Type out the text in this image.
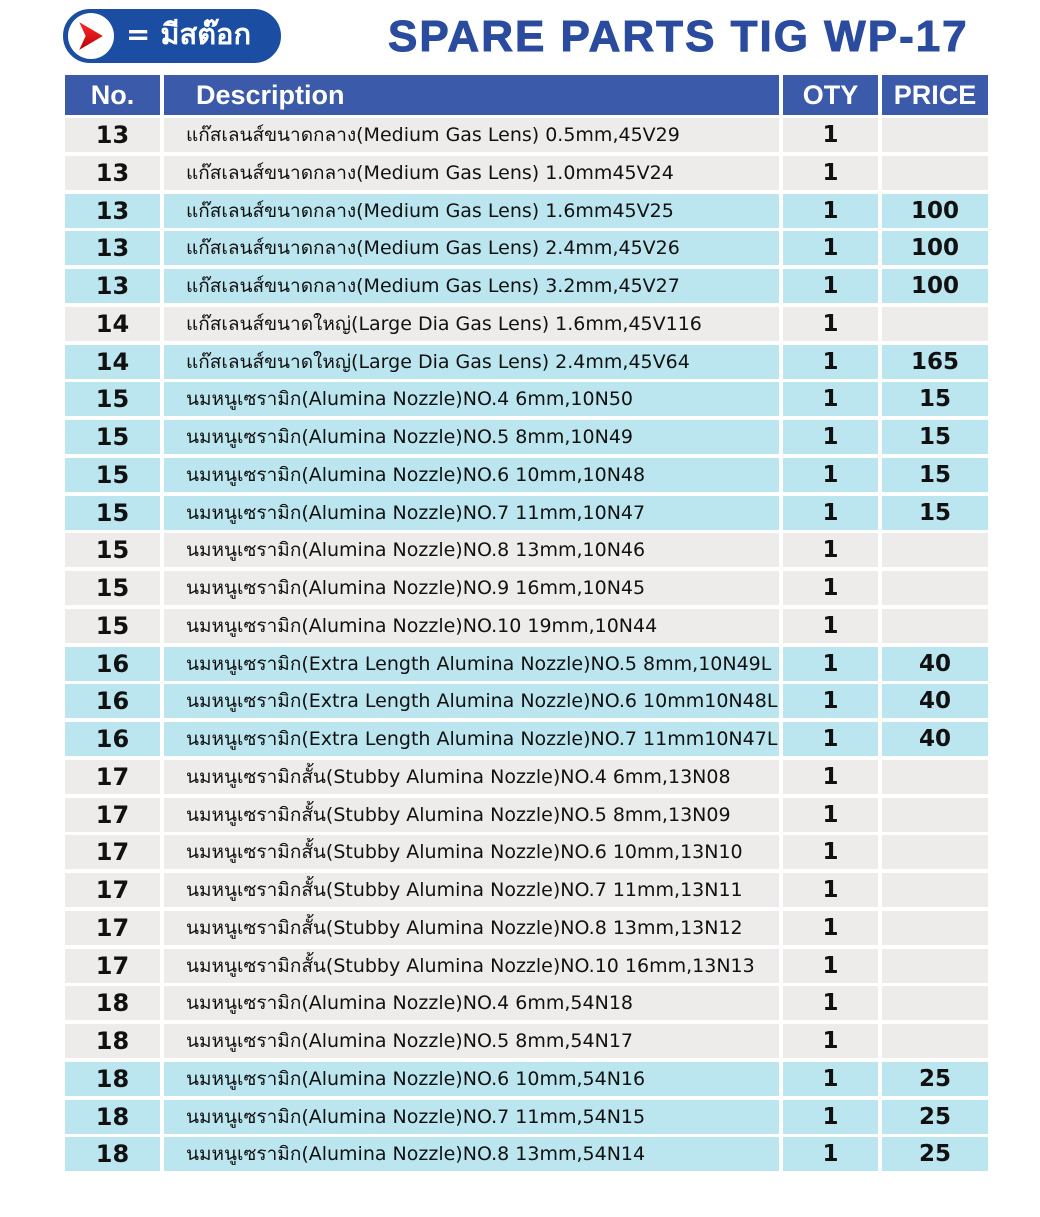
= มีสต๊อก	SPARE PARTS TIG WP-17
No.	Description	OTY	PRICE
13	แก๊สเลนส์ขนาดกลาง(Medium Gas Lens) 0.5mm,45V29	1
13	แก๊สเลนส์ขนาดกลาง(Medium Gas Lens) 1.0mm45V24	1
13	แก๊สเลนส์ขนาดกลาง(Medium Gas Lens) 1.6mm45V25	1	100
13	แก๊สเลนส์ขนาดกลาง(Medium Gas Lens) 2.4mm,45V26	1	100
13	แก๊สเลนส์ขนาดกลาง(Medium Gas Lens) 3.2mm,45V27	1	100
14	แก๊สเลนส์ขนาดใหญ่(Large Dia Gas Lens) 1.6mm,45V116	1
14	แก๊สเลนส์ขนาดใหญ่(Large Dia Gas Lens) 2.4mm,45V64	1	165
15	นมหนูเซรามิก(Alumina Nozzle)NO.4 6mm,10N50	1	15
15	นมหนูเซรามิก(Alumina Nozzle)NO.5 8mm,10N49	1	15
15	นมหนูเซรามิก(Alumina Nozzle)NO.6 10mm,10N48	1	15
15	นมหนูเซรามิก(Alumina Nozzle)NO.7 11mm,10N47	1	15
15	นมหนูเซรามิก(Alumina Nozzle)NO.8 13mm,10N46	1
15	นมหนูเซรามิก(Alumina Nozzle)NO.9 16mm,10N45	1
15	นมหนูเซรามิก(Alumina Nozzle)NO.10 19mm,10N44	1
16	นมหนูเซรามิก(Extra Length Alumina Nozzle)NO.5 8mm,10N49L	1	40
16	นมหนูเซรามิก(Extra Length Alumina Nozzle)NO.6 10mm10N48L	1	40
16	นมหนูเซรามิก(Extra Length Alumina Nozzle)NO.7 11mm10N47L	1	40
17	นมหนูเซรามิกสั้น(Stubby Alumina Nozzle)NO.4 6mm,13N08	1
17	นมหนูเซรามิกสั้น(Stubby Alumina Nozzle)NO.5 8mm,13N09	1
17	นมหนูเซรามิกสั้น(Stubby Alumina Nozzle)NO.6 10mm,13N10	1
17	นมหนูเซรามิกสั้น(Stubby Alumina Nozzle)NO.7 11mm,13N11	1
17	นมหนูเซรามิกสั้น(Stubby Alumina Nozzle)NO.8 13mm,13N12	1
17	นมหนูเซรามิกสั้น(Stubby Alumina Nozzle)NO.10 16mm,13N13	1
18	นมหนูเซรามิก(Alumina Nozzle)NO.4 6mm,54N18	1
18	นมหนูเซรามิก(Alumina Nozzle)NO.5 8mm,54N17	1
18	นมหนูเซรามิก(Alumina Nozzle)NO.6 10mm,54N16	1	25
18	นมหนูเซรามิก(Alumina Nozzle)NO.7 11mm,54N15	1	25
18	นมหนูเซรามิก(Alumina Nozzle)NO.8 13mm,54N14	1	25
